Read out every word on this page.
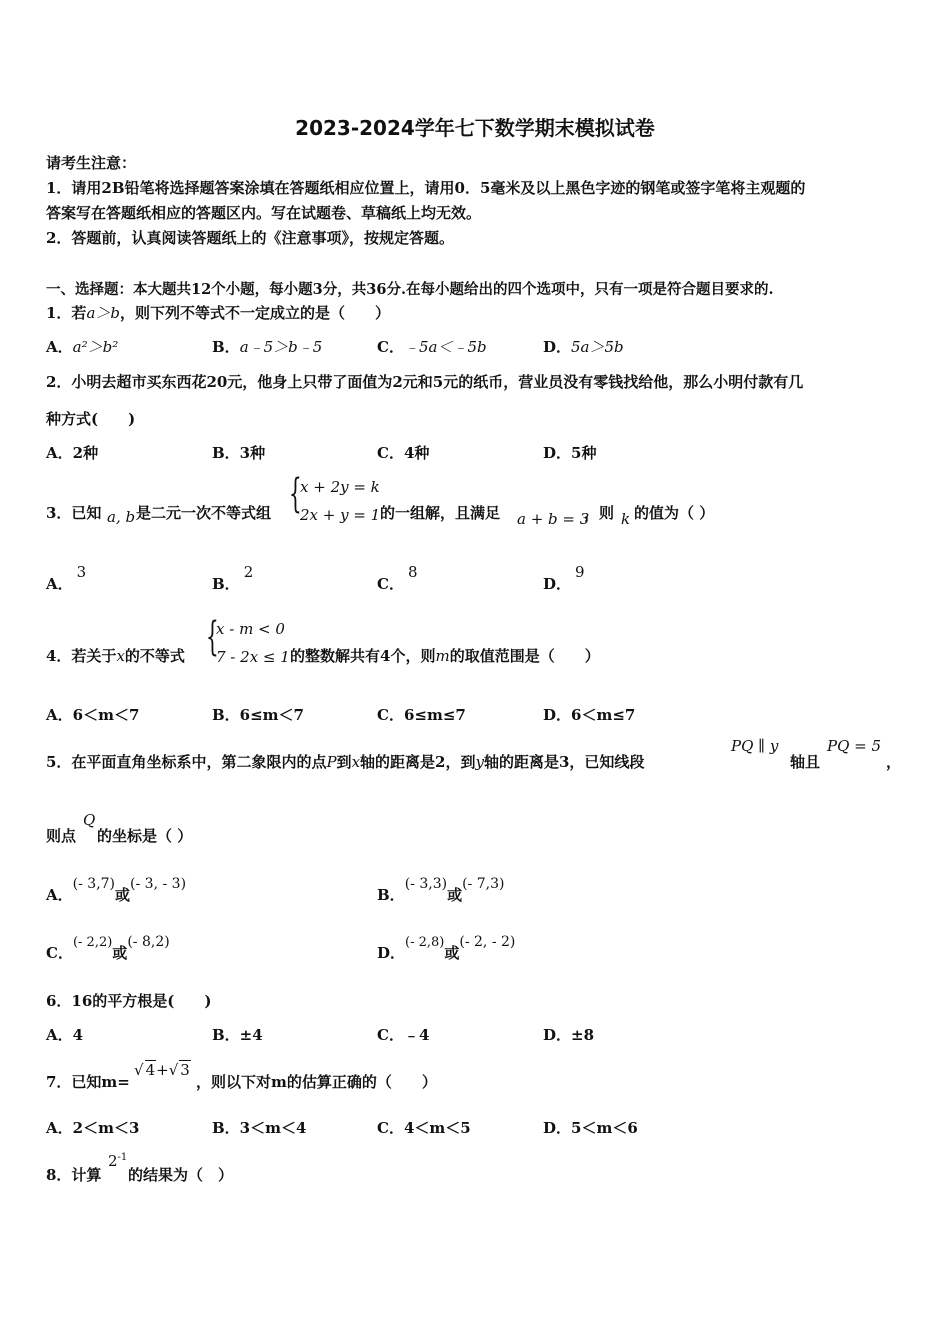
2023-2024学年七下数学期末模拟试卷
请考生注意：
1．请用2B铅笔将选择题答案涂填在答题纸相应位置上，请用0．5毫米及以上黑色字迹的钢笔或签字笔将主观题的
答案写在答题纸相应的答题区内。写在试题卷、草稿纸上均无效。
2．答题前，认真阅读答题纸上的《注意事项》，按规定答题。
一、选择题：本大题共12个小题，每小题3分，共36分.在每小题给出的四个选项中，只有一项是符合题目要求的.
1．若a＞b，则下列不等式不一定成立的是（　　）
A．a²＞b²	B．a﹣5＞b﹣5	C．﹣5a＜﹣5b	D．5a＞5b
2．小明去超市买东西花20元，他身上只带了面值为2元和5元的纸币，营业员没有零钱找给他，那么小明付款有几
种方式(　　)
A．2种	B．3种	C．4种	D．5种
3．已知 a, b 是二元一次不等式组 {
x + 2y = k
2x + y = 1 的一组解，且满足 a + b = 3
，则 k 的值为（ ）
A．3
B．2
C．8
D．9
4．若关于x的不等式 {
x - m < 0
7 - 2x ≤ 1 的整数解共有4个，则m的取值范围是（　　）
A．6＜m＜7	B．6≤m＜7	C．6≤m≤7	D．6＜m≤7
5．在平面直角坐标系中，第二象限内的点P到x轴的距离是2，到y轴的距离是3，已知线段
PQ ∥ y
轴且
PQ = 5
，
则点
Q
的坐标是（ ）
A．(- 3,7)或(- 3, - 3)
B．(- 3,3)或(- 7,3)
C．(- 2,2)或(- 8,2)
D．(- 2,8)或(- 2, - 2)
6．16的平方根是(　　)
A．4	B．±4	C．﹣4	D．±8
7．已知m=
√ 4+√ 3
，则以下对m的估算正确的（　　）
A．2＜m＜3	B．3＜m＜4	C．4＜m＜5	D．5＜m＜6
8．计算
$2^{-1}$
的结果为（　）
